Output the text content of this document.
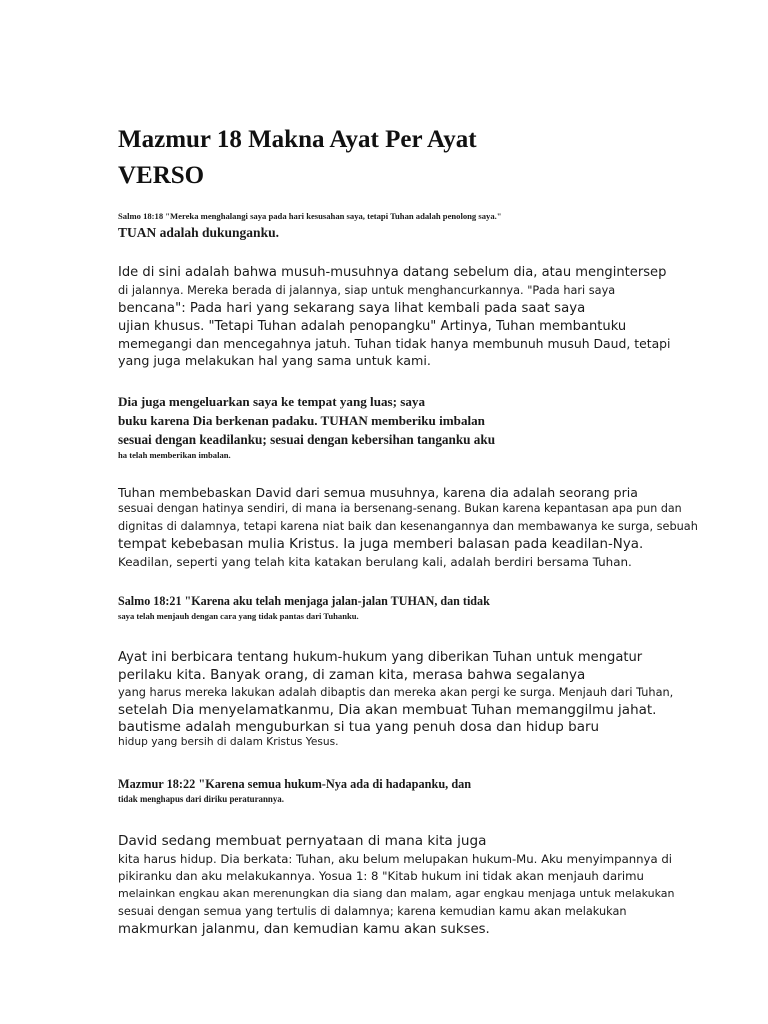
Mazmur 18 Makna Ayat Per Ayat
VERSO
Salmo 18:18 "Mereka menghalangi saya pada hari kesusahan saya, tetapi Tuhan adalah penolong saya."
TUAN adalah dukunganku.
Ide di sini adalah bahwa musuh-musuhnya datang sebelum dia, atau mengintersep
di jalannya. Mereka berada di jalannya, siap untuk menghancurkannya. "Pada hari saya
bencana": Pada hari yang sekarang saya lihat kembali pada saat saya
ujian khusus. "Tetapi Tuhan adalah penopangku" Artinya, Tuhan membantuku
memegangi dan mencegahnya jatuh. Tuhan tidak hanya membunuh musuh Daud, tetapi
yang juga melakukan hal yang sama untuk kami.
Dia juga mengeluarkan saya ke tempat yang luas; saya
buku karena Dia berkenan padaku. TUHAN memberiku imbalan
sesuai dengan keadilanku; sesuai dengan kebersihan tanganku aku
ha telah memberikan imbalan.
Tuhan membebaskan David dari semua musuhnya, karena dia adalah seorang pria
sesuai dengan hatinya sendiri, di mana ia bersenang-senang. Bukan karena kepantasan apa pun dan
dignitas di dalamnya, tetapi karena niat baik dan kesenangannya dan membawanya ke surga, sebuah
tempat kebebasan mulia Kristus. Ia juga memberi balasan pada keadilan-Nya.
Keadilan, seperti yang telah kita katakan berulang kali, adalah berdiri bersama Tuhan.
Salmo 18:21 "Karena aku telah menjaga jalan-jalan TUHAN, dan tidak
saya telah menjauh dengan cara yang tidak pantas dari Tuhanku.
Ayat ini berbicara tentang hukum-hukum yang diberikan Tuhan untuk mengatur
perilaku kita. Banyak orang, di zaman kita, merasa bahwa segalanya
yang harus mereka lakukan adalah dibaptis dan mereka akan pergi ke surga. Menjauh dari Tuhan,
setelah Dia menyelamatkanmu, Dia akan membuat Tuhan memanggilmu jahat.
bautisme adalah menguburkan si tua yang penuh dosa dan hidup baru
hidup yang bersih di dalam Kristus Yesus.
Mazmur 18:22 "Karena semua hukum-Nya ada di hadapanku, dan
tidak menghapus dari diriku peraturannya.
David sedang membuat pernyataan di mana kita juga
kita harus hidup. Dia berkata: Tuhan, aku belum melupakan hukum-Mu. Aku menyimpannya di
pikiranku dan aku melakukannya. Yosua 1: 8 "Kitab hukum ini tidak akan menjauh darimu
melainkan engkau akan merenungkan dia siang dan malam, agar engkau menjaga untuk melakukan
sesuai dengan semua yang tertulis di dalamnya; karena kemudian kamu akan melakukan
makmurkan jalanmu, dan kemudian kamu akan sukses.
